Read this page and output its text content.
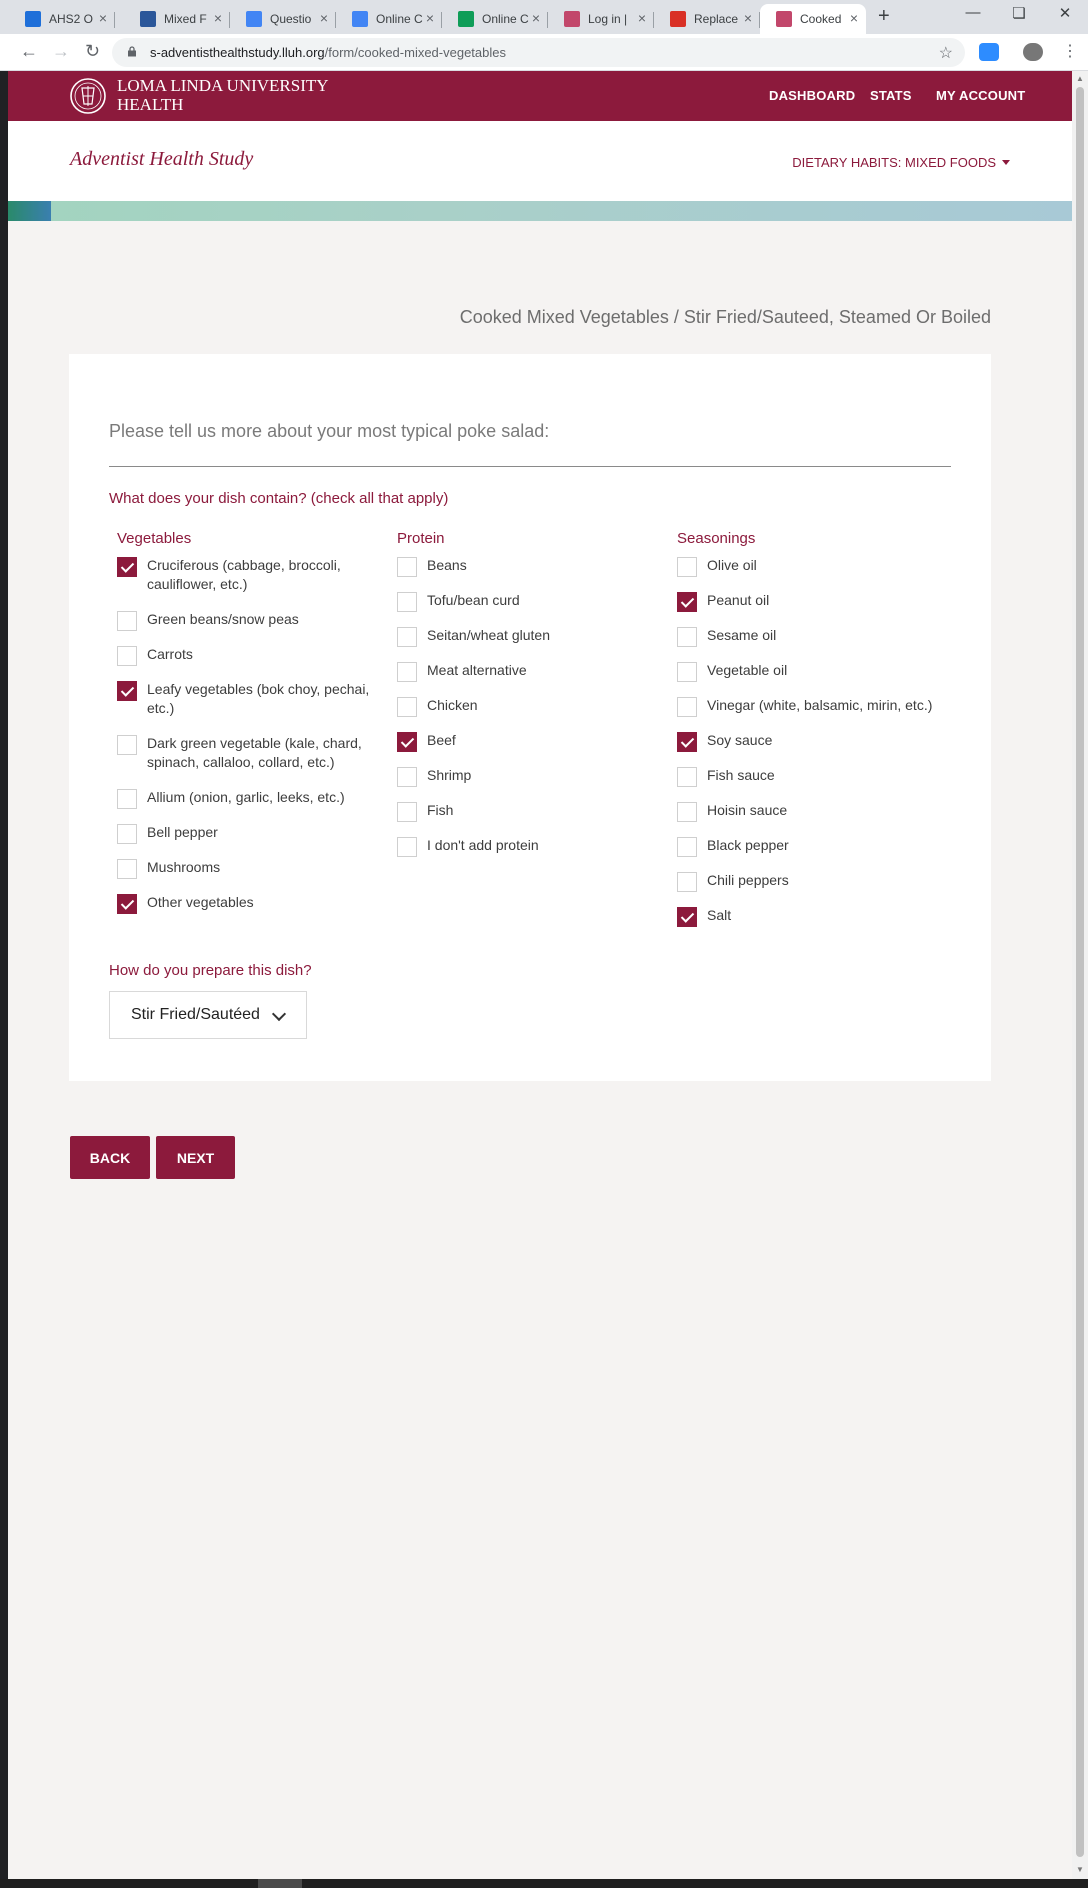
AHS2 O ×	Mixed F ×	Questio ×	Online C ×	Online C ×	Log in | ×	Replace ×	Cooked × +	—	❏	✕
← → ↻	s-adventisthealthstudy.lluh.org/form/cooked-mixed-vegetables	☆	⋮
LOMA LINDA UNIVERSITY
HEALTH	DASHBOARD STATS MY ACCOUNT
Adventist Health Study	DIETARY HABITS: MIXED FOODS
Cooked Mixed Vegetables / Stir Fried/Sauteed, Steamed Or Boiled
Please tell us more about your most typical poke salad:
What does your dish contain? (check all that apply)
Vegetables
Cruciferous (cabbage, broccoli, cauliflower, etc.)
Green beans/snow peas
Carrots
Leafy vegetables (bok choy, pechai, etc.)
Dark green vegetable (kale, chard, spinach, callaloo, collard, etc.)
Allium (onion, garlic, leeks, etc.)
Bell pepper
Mushrooms
Other vegetables
Protein
Beans
Tofu/bean curd
Seitan/wheat gluten
Meat alternative
Chicken
Beef
Shrimp
Fish
I don't add protein
Seasonings
Olive oil
Peanut oil
Sesame oil
Vegetable oil
Vinegar (white, balsamic, mirin, etc.)
Soy sauce
Fish sauce
Hoisin sauce
Black pepper
Chili peppers
Salt
How do you prepare this dish?
Stir Fried/Sautéed
BACK	NEXT
▲
▼
